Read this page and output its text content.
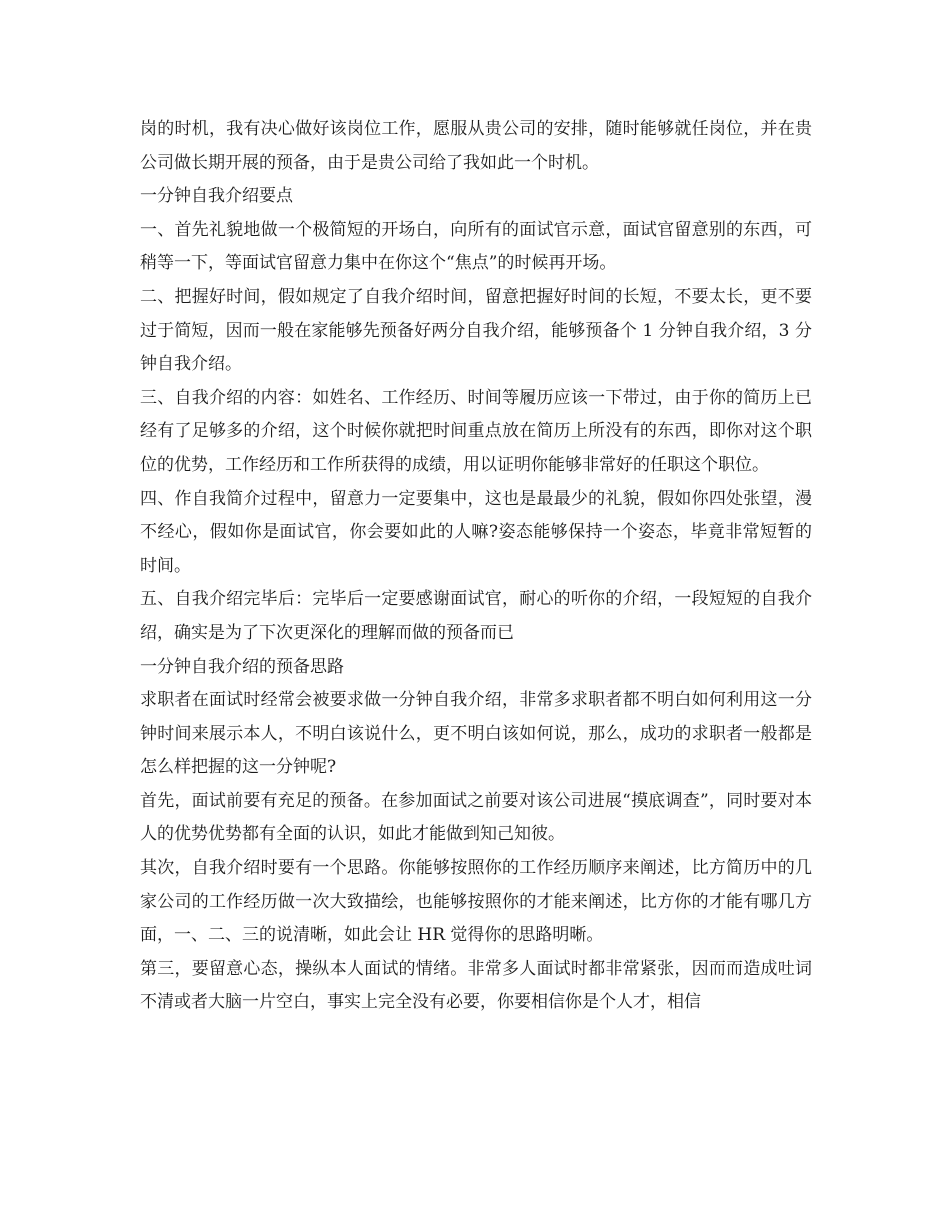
岗的时机，我有决心做好该岗位工作，愿服从贵公司的安排，随时能够就任岗位，并在贵公司做长期开展的预备，由于是贵公司给了我如此一个时机。

一分钟自我介绍要点

一、首先礼貌地做一个极简短的开场白，向所有的面试官示意，面试官留意别的东西，可稍等一下，等面试官留意力集中在你这个“焦点”的时候再开场。

二、把握好时间，假如规定了自我介绍时间，留意把握好时间的长短，不要太长，更不要过于简短，因而一般在家能够先预备好两分自我介绍，能够预备个 1 分钟自我介绍，3 分钟自我介绍。

三、自我介绍的内容：如姓名、工作经历、时间等履历应该一下带过，由于你的简历上已经有了足够多的介绍，这个时候你就把时间重点放在简历上所没有的东西，即你对这个职位的优势，工作经历和工作所获得的成绩，用以证明你能够非常好的任职这个职位。

四、作自我简介过程中，留意力一定要集中，这也是最最少的礼貌，假如你四处张望，漫不经心，假如你是面试官，你会要如此的人嘛?姿态能够保持一个姿态，毕竟非常短暂的时间。

五、自我介绍完毕后：完毕后一定要感谢面试官，耐心的听你的介绍，一段短短的自我介绍，确实是为了下次更深化的理解而做的预备而已

一分钟自我介绍的预备思路

求职者在面试时经常会被要求做一分钟自我介绍，非常多求职者都不明白如何利用这一分钟时间来展示本人，不明白该说什么，更不明白该如何说，那么，成功的求职者一般都是怎么样把握的这一分钟呢?

首先，面试前要有充足的预备。在参加面试之前要对该公司进展“摸底调查”，同时要对本人的优势优势都有全面的认识，如此才能做到知己知彼。

其次，自我介绍时要有一个思路。你能够按照你的工作经历顺序来阐述，比方简历中的几家公司的工作经历做一次大致描绘，也能够按照你的才能来阐述，比方你的才能有哪几方面，一、二、三的说清晰，如此会让 HR 觉得你的思路明晰。

第三，要留意心态，操纵本人面试的情绪。非常多人面试时都非常紧张，因而而造成吐词不清或者大脑一片空白，事实上完全没有必要，你要相信你是个人才，相信
